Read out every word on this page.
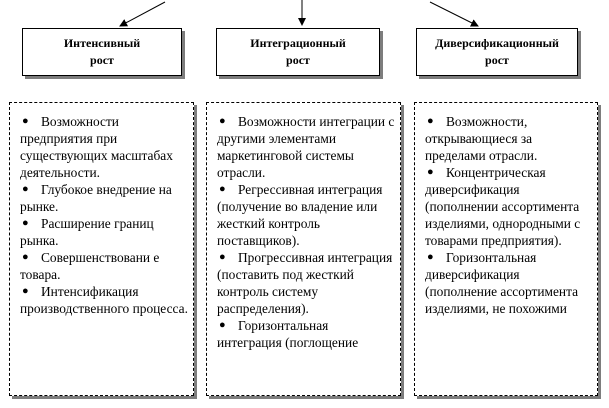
Интенсивный
рост
Интеграционный
рост
Диверсификационный
рост
● Возможности предприятия при существующих масштабах деятельности.
● Глубокое внедрение на рынке.
● Расширение границ рынка.
● Совершенствовани е товара.
● Интенсификация производственного процесса.
● Возможности интеграции с другими элементами маркетинговой системы отрасли.
● Регрессивная интеграция (получение во владение или жесткий контроль поставщиков).
● Прогрессивная интеграция (поставить под жесткий контроль систему распределения).
● Горизонтальная интеграция (поглощение
● Возможности, открывающиеся за пределами отрасли.
● Концентрическая диверсификация (пополнении ассортимента изделиями, однородными с товарами предприятия).
● Горизонтальная диверсификация (пополнение ассортимента изделиями, не похожими
